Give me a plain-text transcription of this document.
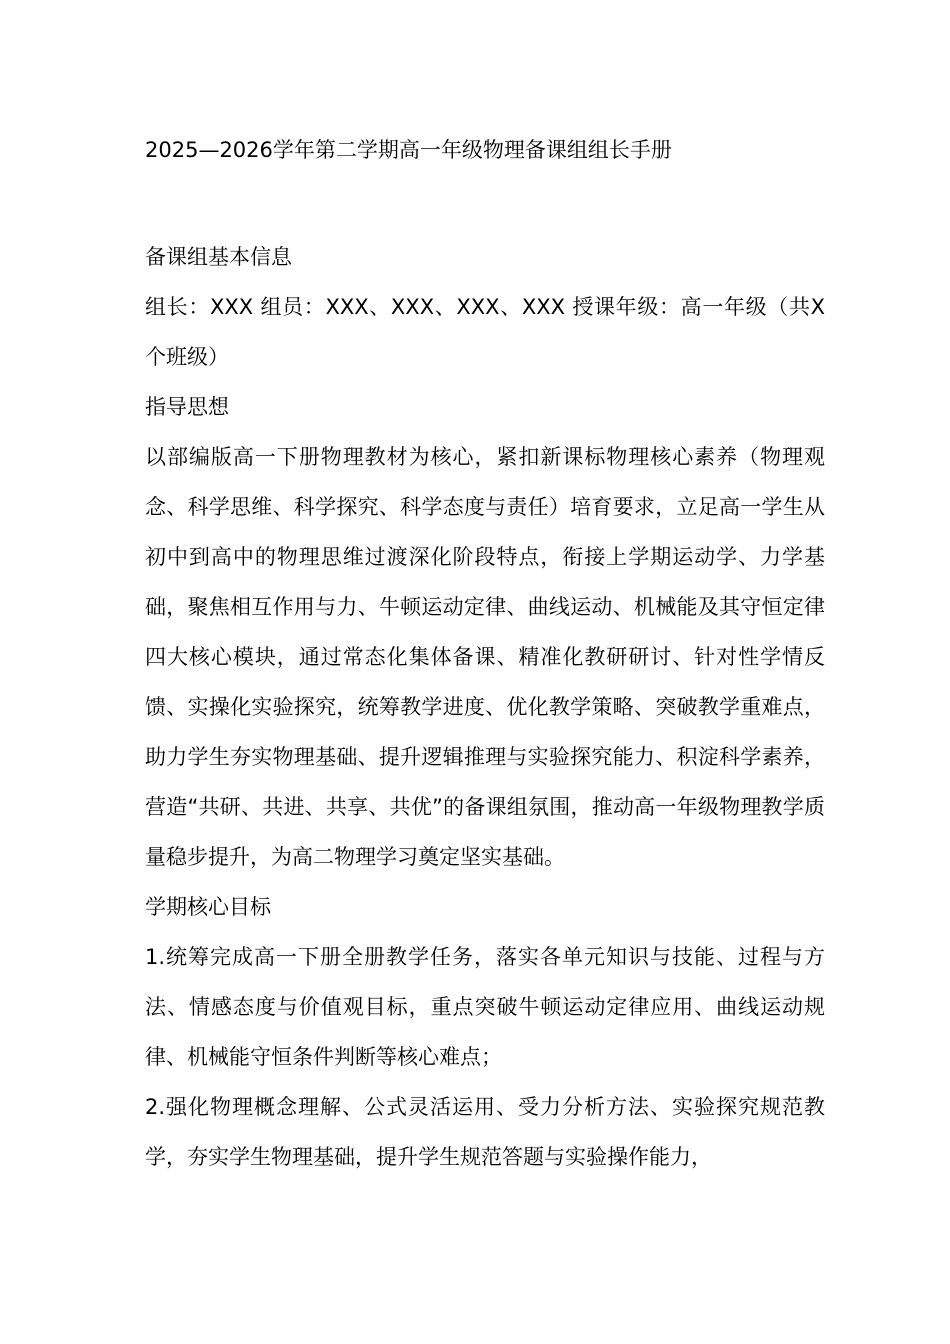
2025—2026学年第二学期高一年级物理备课组组长手册

备课组基本信息

组长：XXX 组员：XXX、XXX、XXX、XXX 授课年级：高一年级（共X个班级）

指导思想

以部编版高一下册物理教材为核心，紧扣新课标物理核心素养（物理观念、科学思维、科学探究、科学态度与责任）培育要求，立足高一学生从初中到高中的物理思维过渡深化阶段特点，衔接上学期运动学、力学基础，聚焦相互作用与力、牛顿运动定律、曲线运动、机械能及其守恒定律四大核心模块，通过常态化集体备课、精准化教研研讨、针对性学情反馈、实操化实验探究，统筹教学进度、优化教学策略、突破教学重难点，助力学生夯实物理基础、提升逻辑推理与实验探究能力、积淀科学素养，营造“共研、共进、共享、共优”的备课组氛围，推动高一年级物理教学质量稳步提升，为高二物理学习奠定坚实基础。

学期核心目标

1.统筹完成高一下册全册教学任务，落实各单元知识与技能、过程与方法、情感态度与价值观目标，重点突破牛顿运动定律应用、曲线运动规律、机械能守恒条件判断等核心难点；

2.强化物理概念理解、公式灵活运用、受力分析方法、实验探究规范教学，夯实学生物理基础，提升学生规范答题与实验操作能力，
